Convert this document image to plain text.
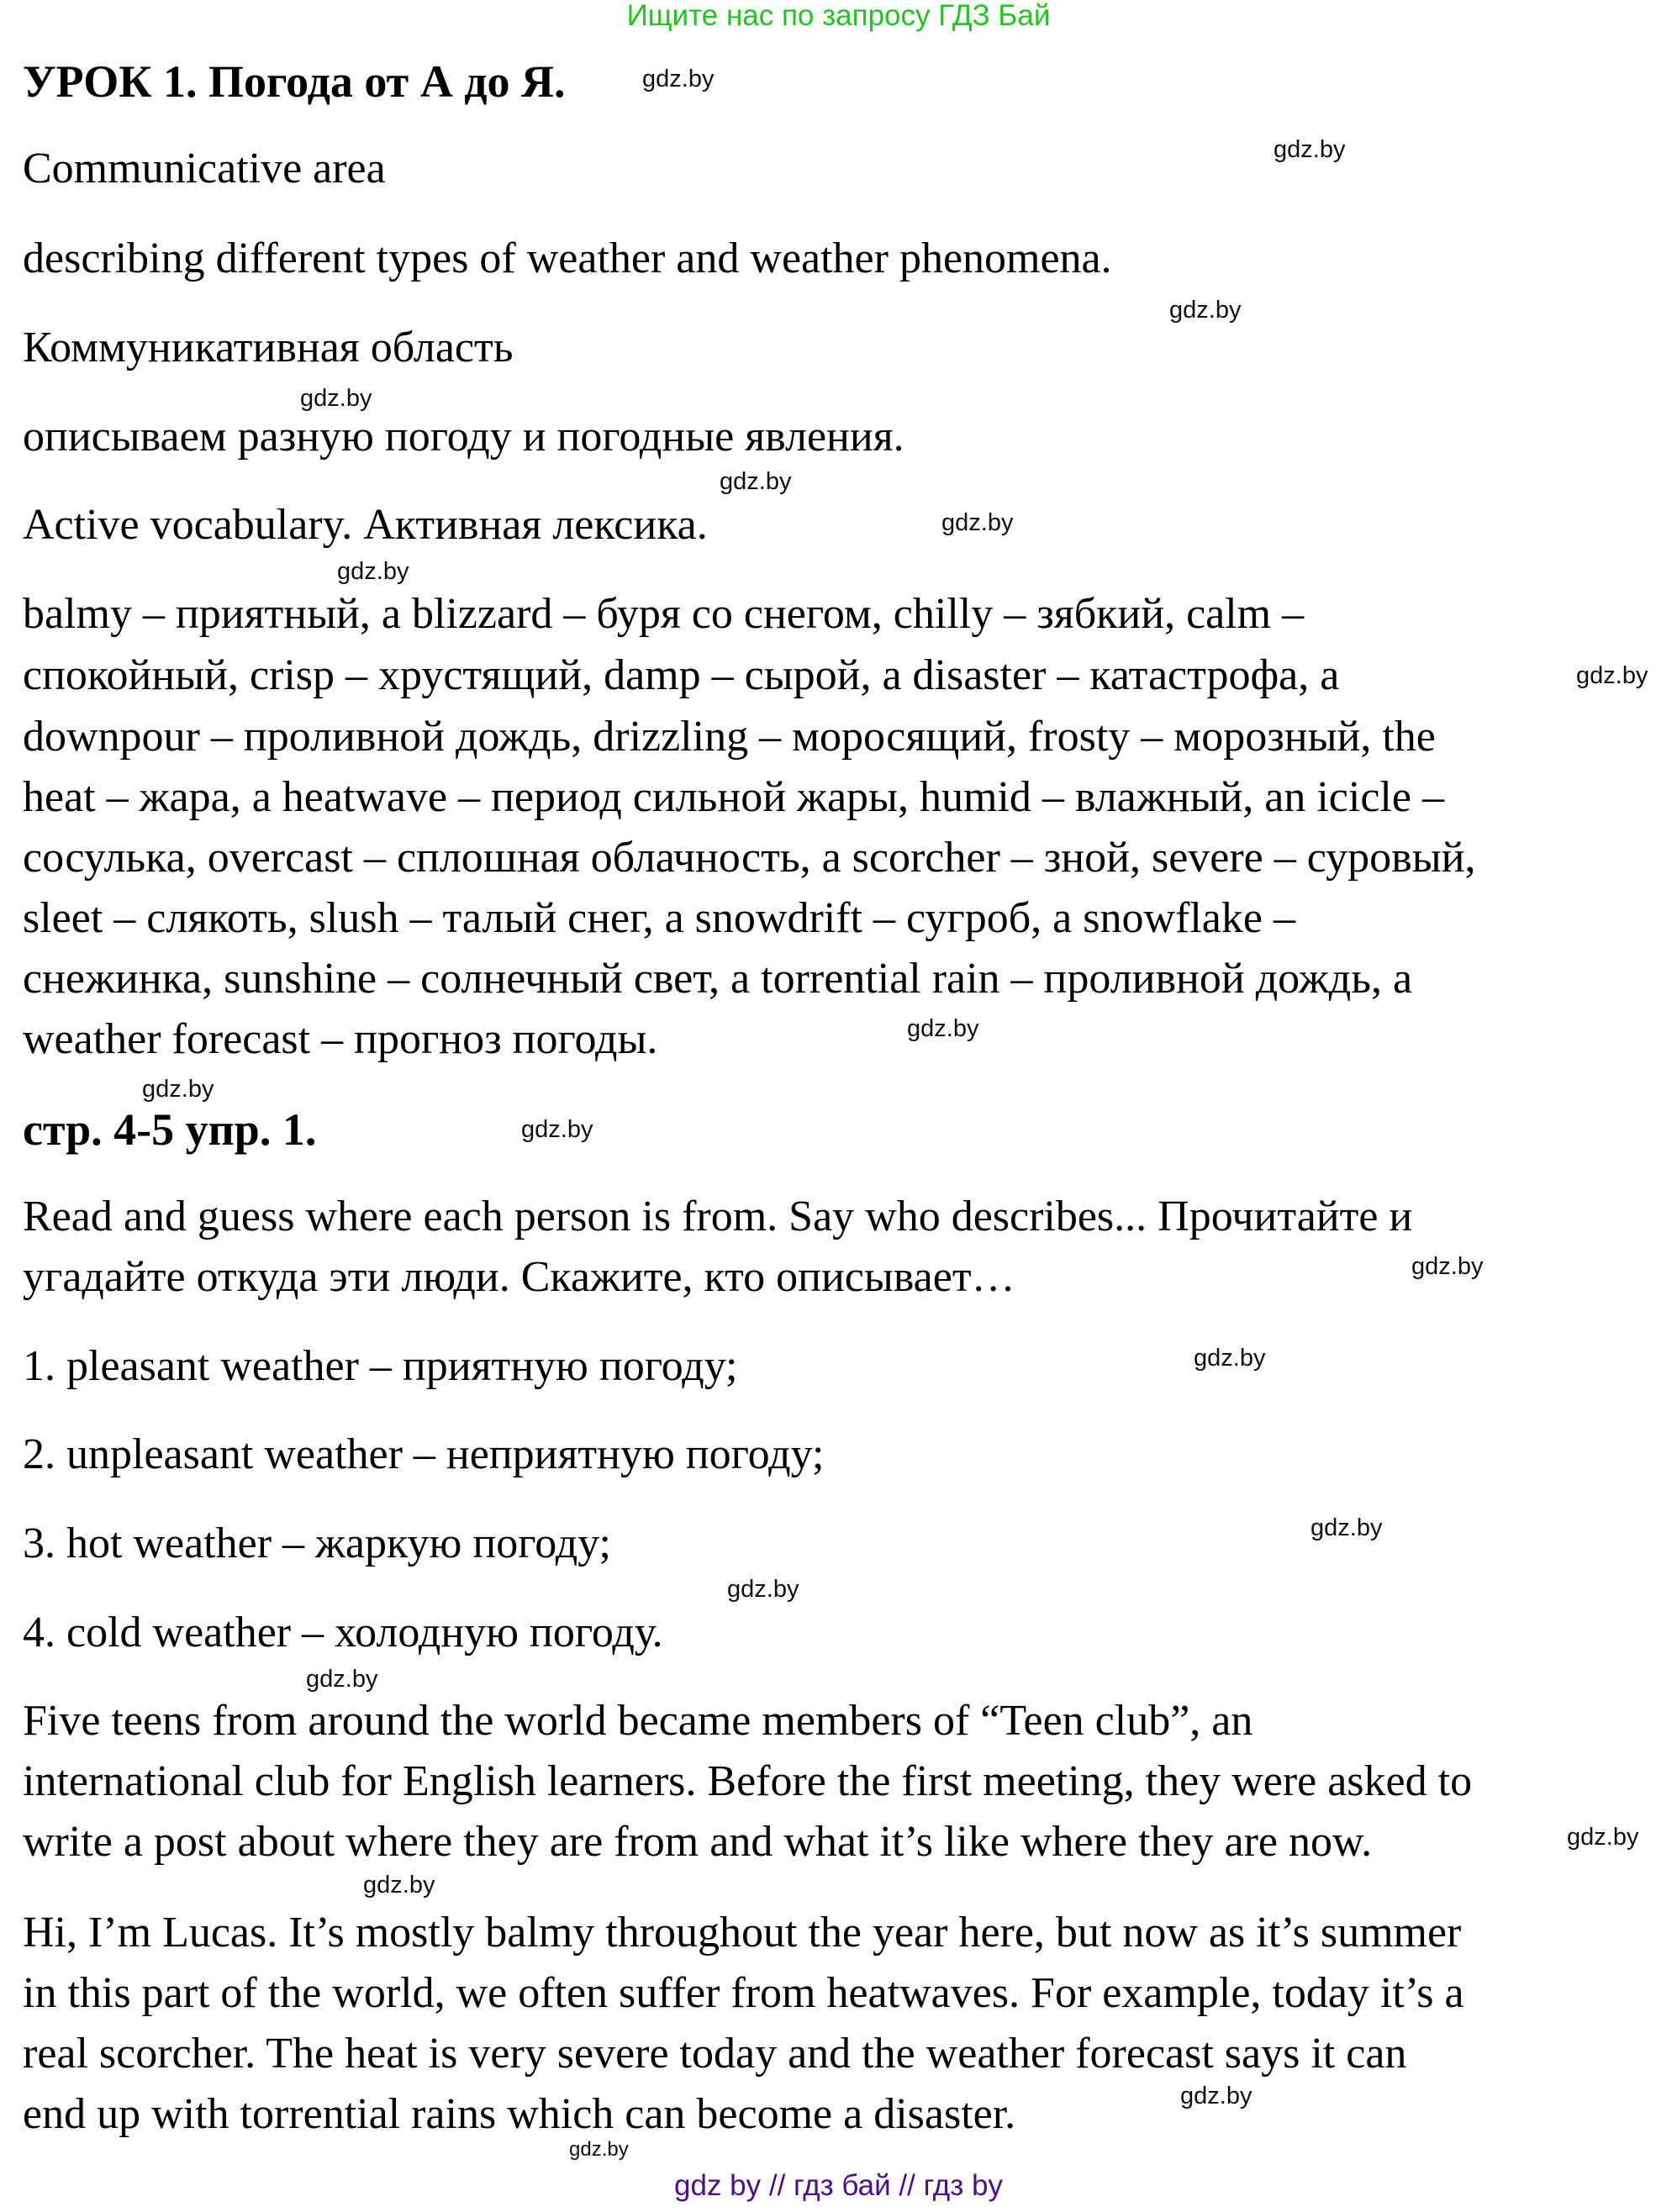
Ищите нас по запросу ГДЗ Бай
УРОК 1. Погода от А до Я.
Communicative area
describing different types of weather and weather phenomena.
Коммуникативная область
описываем разную погоду и погодные явления.
Active vocabulary. Активная лексика.
balmy – приятный, a blizzard – буря со снегом, chilly – зябкий, calm –
спокойный, crisp – хрустящий, damp – сырой, a disaster – катастрофа, a
downpour – проливной дождь, drizzling – моросящий, frosty – морозный, the
heat – жара, a heatwave – период сильной жары, humid – влажный, an icicle –
сосулька, overcast – сплошная облачность, a scorcher – зной, severe – суровый,
sleet – слякоть, slush – талый снег, a snowdrift – сугроб, a snowflake –
снежинка, sunshine – солнечный свет, a torrential rain – проливной дождь, а
weather forecast – прогноз погоды.
стр. 4-5 упр. 1.
Read and guess where each person is from. Say who describes... Прочитайте и
угадайте откуда эти люди. Скажите, кто описывает…
1. pleasant weather – приятную погоду;
2. unpleasant weather – неприятную погоду;
3. hot weather – жаркую погоду;
4. cold weather – холодную погоду.
Five teens from around the world became members of “Teen club”, an
international club for English learners. Before the first meeting, they were asked to
write a post about where they are from and what it’s like where they are now.
Hi, I’m Lucas. It’s mostly balmy throughout the year here, but now as it’s summer
in this part of the world, we often suffer from heatwaves. For example, today it’s a
real scorcher. The heat is very severe today and the weather forecast says it can
end up with torrential rains which can become a disaster.
gdz.by
gdz.by
gdz.by
gdz.by
gdz.by
gdz.by
gdz.by
gdz.by
gdz.by
gdz.by
gdz.by
gdz.by
gdz.by
gdz.by
gdz.by
gdz.by
gdz.by
gdz.by
gdz.by
gdz.by
gdz by // гдз бай // гдз by
